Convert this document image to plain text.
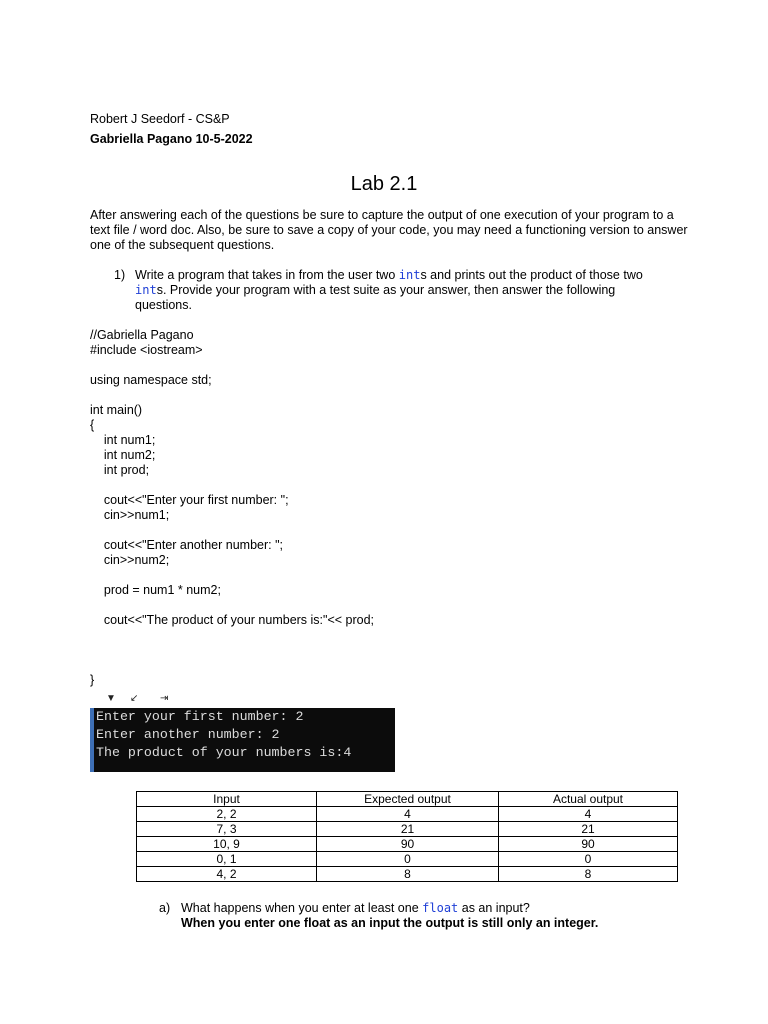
Robert J Seedorf - CS&P
Gabriella Pagano 10-5-2022
Lab 2.1

After answering each of the questions be sure to capture the output of one execution of your program to a text file / word doc. Also, be sure to save a copy of your code, you may need a functioning version to answer one of the subsequent questions.

1) Write a program that takes in from the user two ints and prints out the product of those two ints. Provide your program with a test suite as your answer, then answer the following questions.

//Gabriella Pagano
#include <iostream>
using namespace std;
int main()
{
int num1;
int num2;
int prod;
cout<<"Enter your first number: ";
cin>>num1;
cout<<"Enter another number: ";
cin>>num2;
prod = num1 * num2;
cout<<"The product of your numbers is:"<< prod;
}
▼ ↙ ⇥
Enter your first number: 2
Enter another number: 2
The product of your numbers is:4
Input	Expected output	Actual output
2, 2	4	4
7, 3	21	21
10, 9	90	90
0, 1	0	0
4, 2	8	8
a) What happens when you enter at least one float as an input?

When you enter one float as an input the output is still only an integer.
